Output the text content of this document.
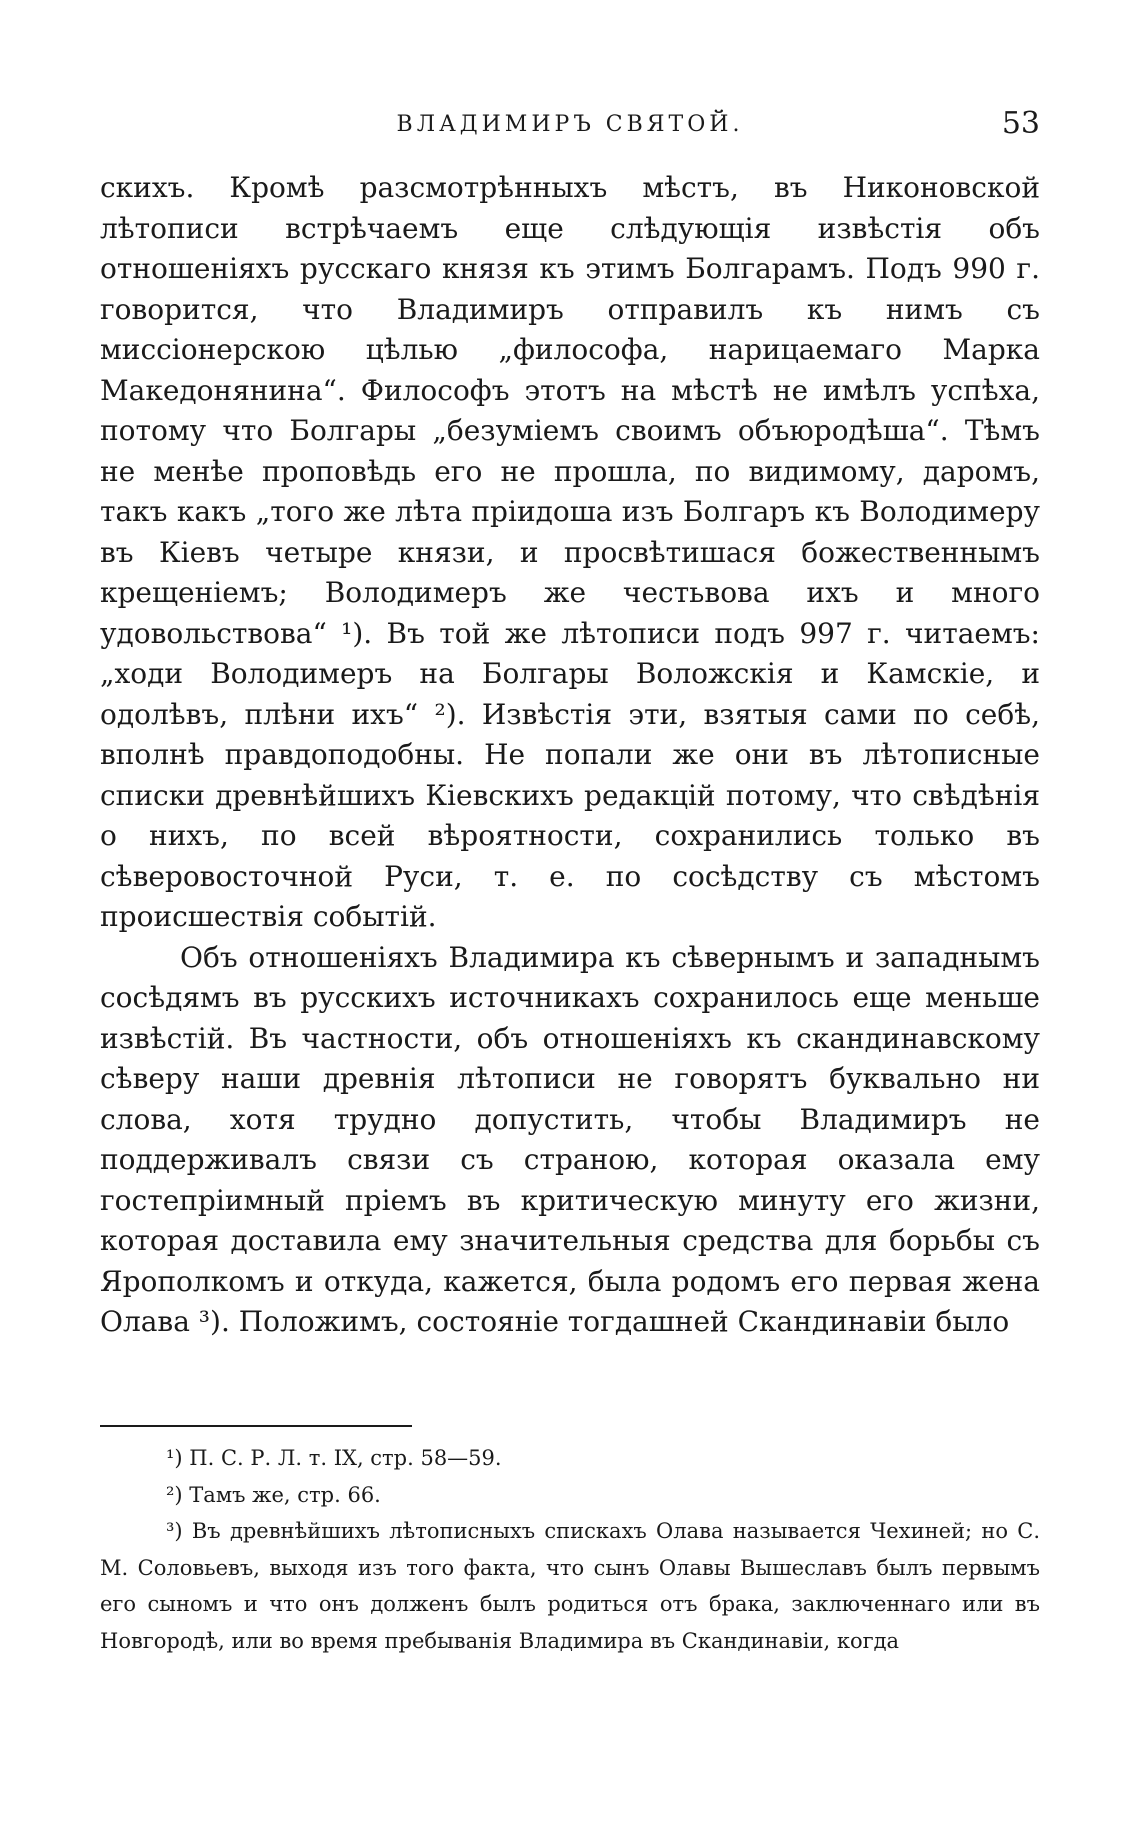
ВЛАДИМИРЪ СВЯТОЙ.	53

скихъ. Кромѣ разсмотрѣнныхъ мѣстъ, въ Никоновской лѣтописи встрѣчаемъ еще слѣдующія извѣстія объ отношеніяхъ русскаго князя къ этимъ Болгарамъ. Подъ 990 г. говорится, что Владимиръ отправилъ къ нимъ съ миссіонерскою цѣлью „философа, нарицаемаго Марка Македонянина“. Философъ этотъ на мѣстѣ не имѣлъ успѣха, потому что Болгары „безуміемъ своимъ объюродѣша“. Тѣмъ не менѣе проповѣдь его не прошла, по видимому, даромъ, такъ какъ „того же лѣта пріидоша изъ Болгаръ къ Володимеру въ Кіевъ четыре князи, и просвѣтишася божественнымъ крещеніемъ; Володимеръ же честьвова ихъ и много удовольствова“ ¹). Въ той же лѣтописи подъ 997 г. читаемъ: „ходи Володимеръ на Болгары Воложскія и Камскіе, и одолѣвъ, плѣни ихъ“ ²). Извѣстія эти, взятыя сами по себѣ, вполнѣ правдоподобны. Не попали же они въ лѣтописные списки древнѣйшихъ Кіевскихъ редакцій потому, что свѣдѣнія о нихъ, по всей вѣроятности, сохранились только въ сѣверовосточной Руси, т. е. по сосѣдству съ мѣстомъ происшествія событій.

Объ отношеніяхъ Владимира къ сѣвернымъ и западнымъ сосѣдямъ въ русскихъ источникахъ сохранилось еще меньше извѣстій. Въ частности, объ отношеніяхъ къ скандинавскому сѣверу наши древнія лѣтописи не говорятъ буквально ни слова, хотя трудно допустить, чтобы Владимиръ не поддерживалъ связи съ страною, которая оказала ему гостепріимный пріемъ въ критическую минуту его жизни, которая доставила ему значительныя средства для борьбы съ Ярополкомъ и откуда, кажется, была родомъ его первая жена Олава ³). Положимъ, состояніе тогдашней Скандинавіи было

¹) П. С. Р. Л. т. IX, стр. 58—59.

²) Тамъ же, стр. 66.

³) Въ древнѣйшихъ лѣтописныхъ спискахъ Олава называется Чехиней; но С. М. Соловьевъ, выходя изъ того факта, что сынъ Олавы Вышеславъ былъ первымъ его сыномъ и что онъ долженъ былъ родиться отъ брака, заключеннаго или въ Новгородѣ, или во время пребыванія Владимира въ Скандинавіи, когда
